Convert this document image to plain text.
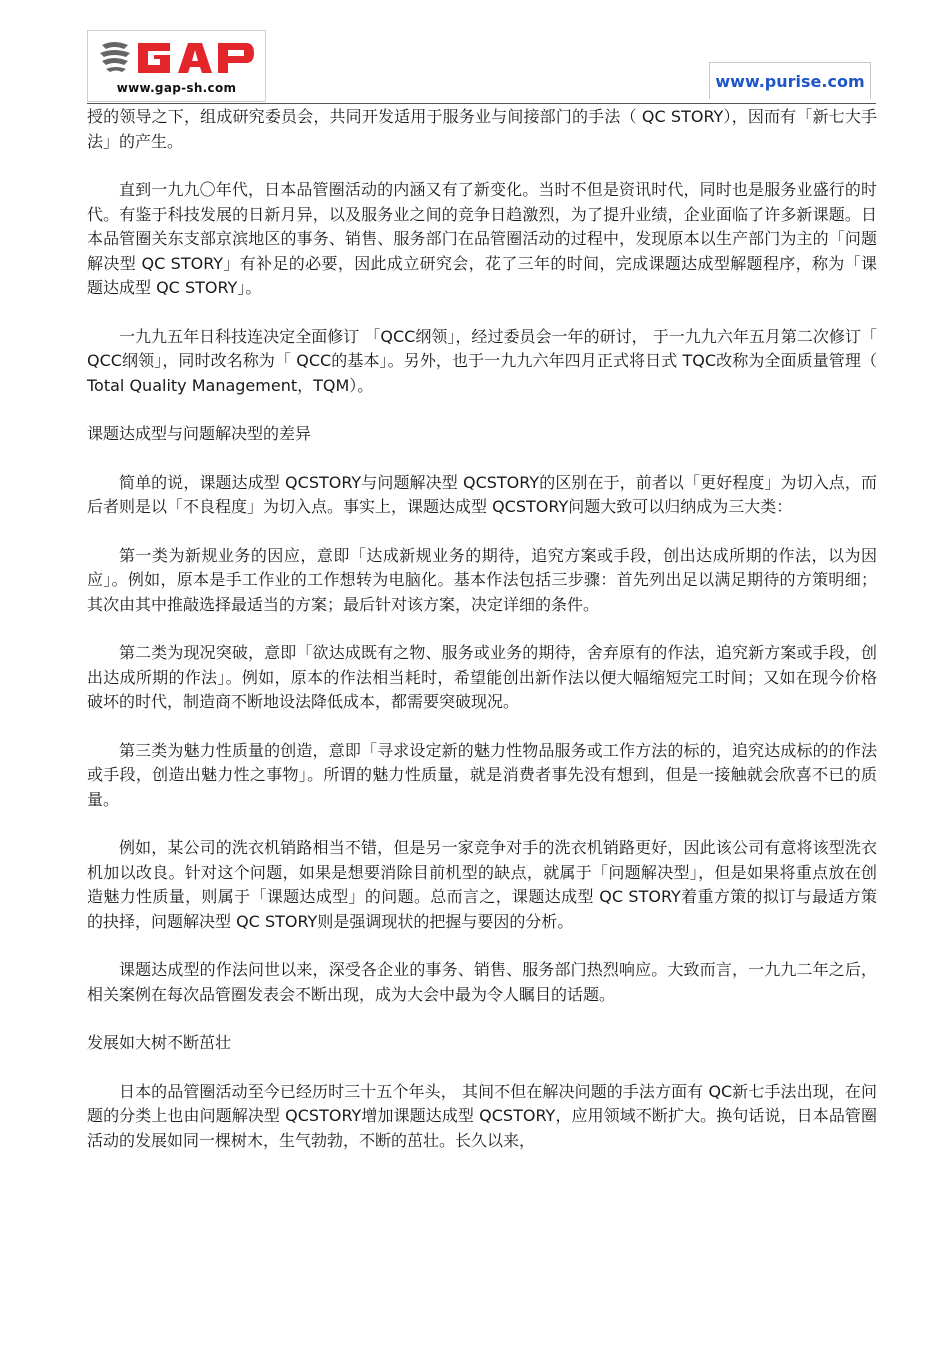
www.gap-sh.com	www.purise.com

授的领导之下，组成研究委员会，共同开发适用于服务业与间接部门的手法（ QC STORY），因而有「新七大手法」的产生。

直到一九九〇年代，日本品管圈活动的内涵又有了新变化。当时不但是资讯时代，同时也是服务业盛行的时代。有鉴于科技发展的日新月异，以及服务业之间的竞争日趋激烈，为了提升业绩，企业面临了许多新课题。日本品管圈关东支部京滨地区的事务、销售、服务部门在品管圈活动的过程中，发现原本以生产部门为主的「问题解决型 QC STORY」有补足的必要，因此成立研究会，花了三年的时间，完成课题达成型解题程序，称为「课题达成型 QC STORY」。

一九九五年日科技连决定全面修订 「QCC纲领」，经过委员会一年的研讨， 于一九九六年五月第二次修订「 QCC纲领」，同时改名称为「 QCC的基本」。另外，也于一九九六年四月正式将日式 TQC改称为全面质量管理（ Total Quality Management，TQM）。

课题达成型与问题解决型的差异

简单的说，课题达成型 QCSTORY与问题解决型 QCSTORY的区别在于，前者以「更好程度」为切入点，而后者则是以「不良程度」为切入点。事实上，课题达成型 QCSTORY问题大致可以归纳成为三大类：

第一类为新规业务的因应，意即「达成新规业务的期待，追究方案或手段，创出达成所期的作法，以为因应」。例如，原本是手工作业的工作想转为电脑化。基本作法包括三步骤：首先列出足以满足期待的方策明细；其次由其中推敲选择最适当的方案；最后针对该方案，决定详细的条件。

第二类为现况突破，意即「欲达成既有之物、服务或业务的期待，舍弃原有的作法，追究新方案或手段，创出达成所期的作法」。例如，原本的作法相当耗时，希望能创出新作法以便大幅缩短完工时间；又如在现今价格破坏的时代，制造商不断地设法降低成本，都需要突破现况。

第三类为魅力性质量的创造，意即「寻求设定新的魅力性物品服务或工作方法的标的，追究达成标的的作法或手段，创造出魅力性之事物」。所谓的魅力性质量，就是消费者事先没有想到，但是一接触就会欣喜不已的质量。

例如，某公司的洗衣机销路相当不错，但是另一家竞争对手的洗衣机销路更好，因此该公司有意将该型洗衣机加以改良。针对这个问题，如果是想要消除目前机型的缺点，就属于「问题解决型」，但是如果将重点放在创造魅力性质量，则属于「课题达成型」的问题。总而言之，课题达成型 QC STORY着重方策的拟订与最适方策的抉择，问题解决型 QC STORY则是强调现状的把握与要因的分析。

课题达成型的作法问世以来，深受各企业的事务、销售、服务部门热烈响应。大致而言，一九九二年之后，相关案例在每次品管圈发表会不断出现，成为大会中最为令人瞩目的话题。

发展如大树不断茁壮

日本的品管圈活动至今已经历时三十五个年头， 其间不但在解决问题的手法方面有 QC新七手法出现，在问题的分类上也由问题解决型 QCSTORY增加课题达成型 QCSTORY，应用领域不断扩大。换句话说，日本品管圈活动的发展如同一棵树木，生气勃勃，不断的茁壮。长久以来，
